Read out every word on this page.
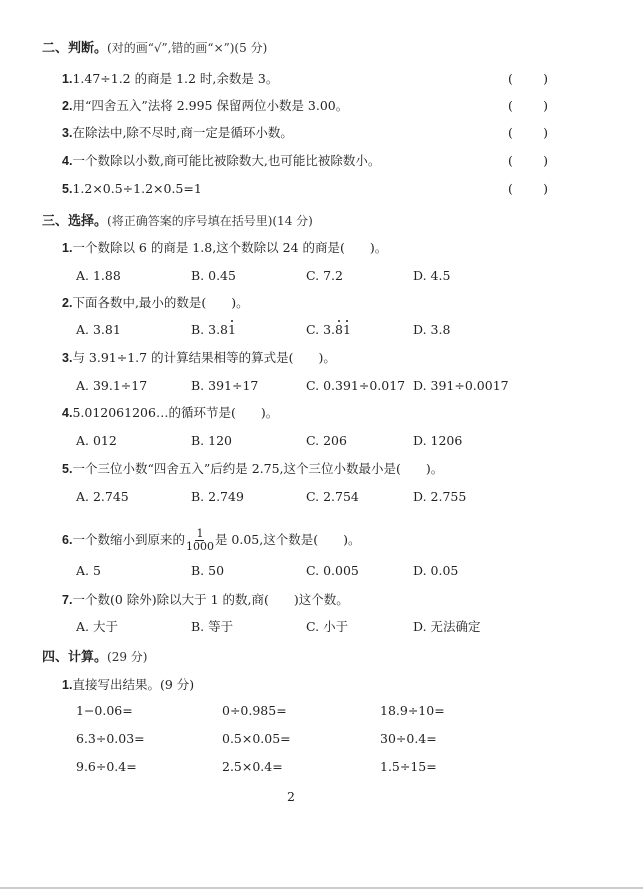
二、判断。(对的画“√”,错的画“×”)(5 分)
1.1.47÷1.2 的商是 1.2 时,余数是 3。	( )
2.用“四舍五入”法将 2.995 保留两位小数是 3.00。	( )
3.在除法中,除不尽时,商一定是循环小数。	( )
4.一个数除以小数,商可能比被除数大,也可能比被除数小。	( )
5.1.2×0.5÷1.2×0.5=1	( )
三、选择。(将正确答案的序号填在括号里)(14 分)
1.一个数除以 6 的商是 1.8,这个数除以 24 的商是(　　)。
A. 1.88	B. 0.45	C. 7.2	D. 4.5
2.下面各数中,最小的数是(　　)。
A. 3.81	B. 3.81	C. 3.81	D. 3.8
3.与 3.91÷1.7 的计算结果相等的算式是(　　)。
A. 39.1÷17	B. 391÷17	C. 0.391÷0.017 D. 391÷0.0017
4.5.012061206…的循环节是(　　)。
A. 012	B. 120	C. 206	D. 1206
5.一个三位小数“四舍五入”后约是 2.75,这个三位小数最小是(　　)。
A. 2.745	B. 2.749	C. 2.754	D. 2.755
6.一个数缩小到原来的 $\frac{1}{1000}$ 是 0.05,这个数是(　　)。
A. 5	B. 50	C. 0.005	D. 0.05
7.一个数(0 除外)除以大于 1 的数,商(　　)这个数。
A. 大于	B. 等于	C. 小于	D. 无法确定
四、计算。(29 分)
1.直接写出结果。(9 分)
1−0.06=	0÷0.985=	18.9÷10=
6.3÷0.03=	0.5×0.05=	30÷0.4=
9.6÷0.4=	2.5×0.4=	1.5÷15=
2
